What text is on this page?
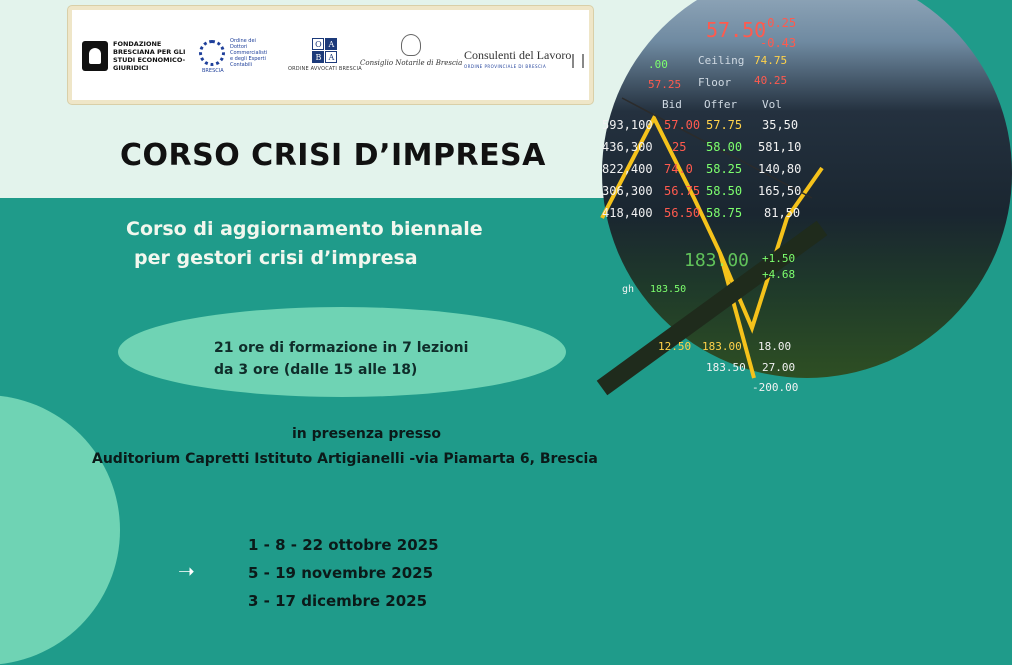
FONDAZIONE BRESCIANA PER GLI STUDI ECONOMICO-GIURIDICI
Ordine dei Dottori Commercialisti e degli Esperti Contabili
BRESCIA
O A
B A
ORDINE AVVOCATI BRESCIA
Consiglio Notarile di Brescia
Consulenti del Lavoro
ORDINE PROVINCIALE DI BRESCIA
57.50
-0.25
-0.43
Ceiling 74.75
.00
57.25 Floor 40.25
Bid Offer Vol
593,100 57.00 57.75 35,50
436,300 25 58.00 581,10
822,400 74.0 58.25 140,80
306,300 56.75 58.50 165,50
418,400 56.50 58.75 81,50
183.00 +1.50
+4.68
gh 183.50
12.50 183.00 18.00
183.50 27.00
-200.00
CORSO CRISI D’IMPRESA
Corso di aggiornamento biennale
per gestori crisi d’impresa
21 ore di formazione in 7 lezioni
da 3 ore (dalle 15 alle 18)
in presenza presso
Auditorium Capretti Istituto Artigianelli -via Piamarta 6, Brescia
➝
1 - 8 - 22 ottobre 2025
5 - 19 novembre 2025
3 - 17 dicembre 2025
